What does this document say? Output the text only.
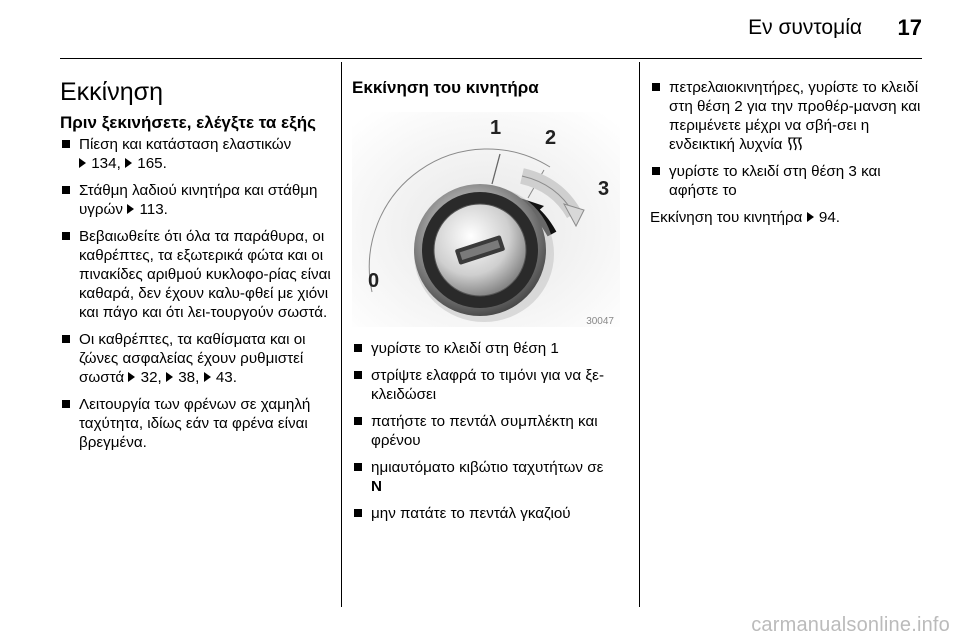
Εν συντομία 17
Εκκίνηση
Πριν ξεκινήσετε, ελέγξτε τα εξής
Πίεση και κατάσταση ελαστικών
134, 165.
Στάθμη λαδιού κινητήρα και στάθμη υγρών 113.
Βεβαιωθείτε ότι όλα τα παράθυρα, οι καθρέπτες, τα εξωτερικά φώτα και οι πινακίδες αριθμού κυκλοφο-ρίας είναι καθαρά, δεν έχουν καλυ-φθεί με χιόνι και πάγο και ότι λει-τουργούν σωστά.
Οι καθρέπτες, τα καθίσματα και οι ζώνες ασφαλείας έχουν ρυθμιστεί σωστά 32, 38, 43.
Λειτουργία των φρένων σε χαμηλή ταχύτητα, ιδίως εάν τα φρένα είναι βρεγμένα.
Εκκίνηση του κινητήρα
0
1 2
3
30047
γυρίστε το κλειδί στη θέση 1
στρίψτε ελαφρά το τιμόνι για να ξε-κλειδώσει
πατήστε το πεντάλ συμπλέκτη και φρένου
ημιαυτόματο κιβώτιο ταχυτήτων σε
N
μην πατάτε το πεντάλ γκαζιού
πετρελαιοκινητήρες, γυρίστε το κλειδί στη θέση 2 για την προθέρ-μανση και περιμένετε μέχρι να σβή-σει η ενδεικτική λυχνία
γυρίστε το κλειδί στη θέση 3 και αφήστε το

Εκκίνηση του κινητήρα 94.

carmanualsonline.info
